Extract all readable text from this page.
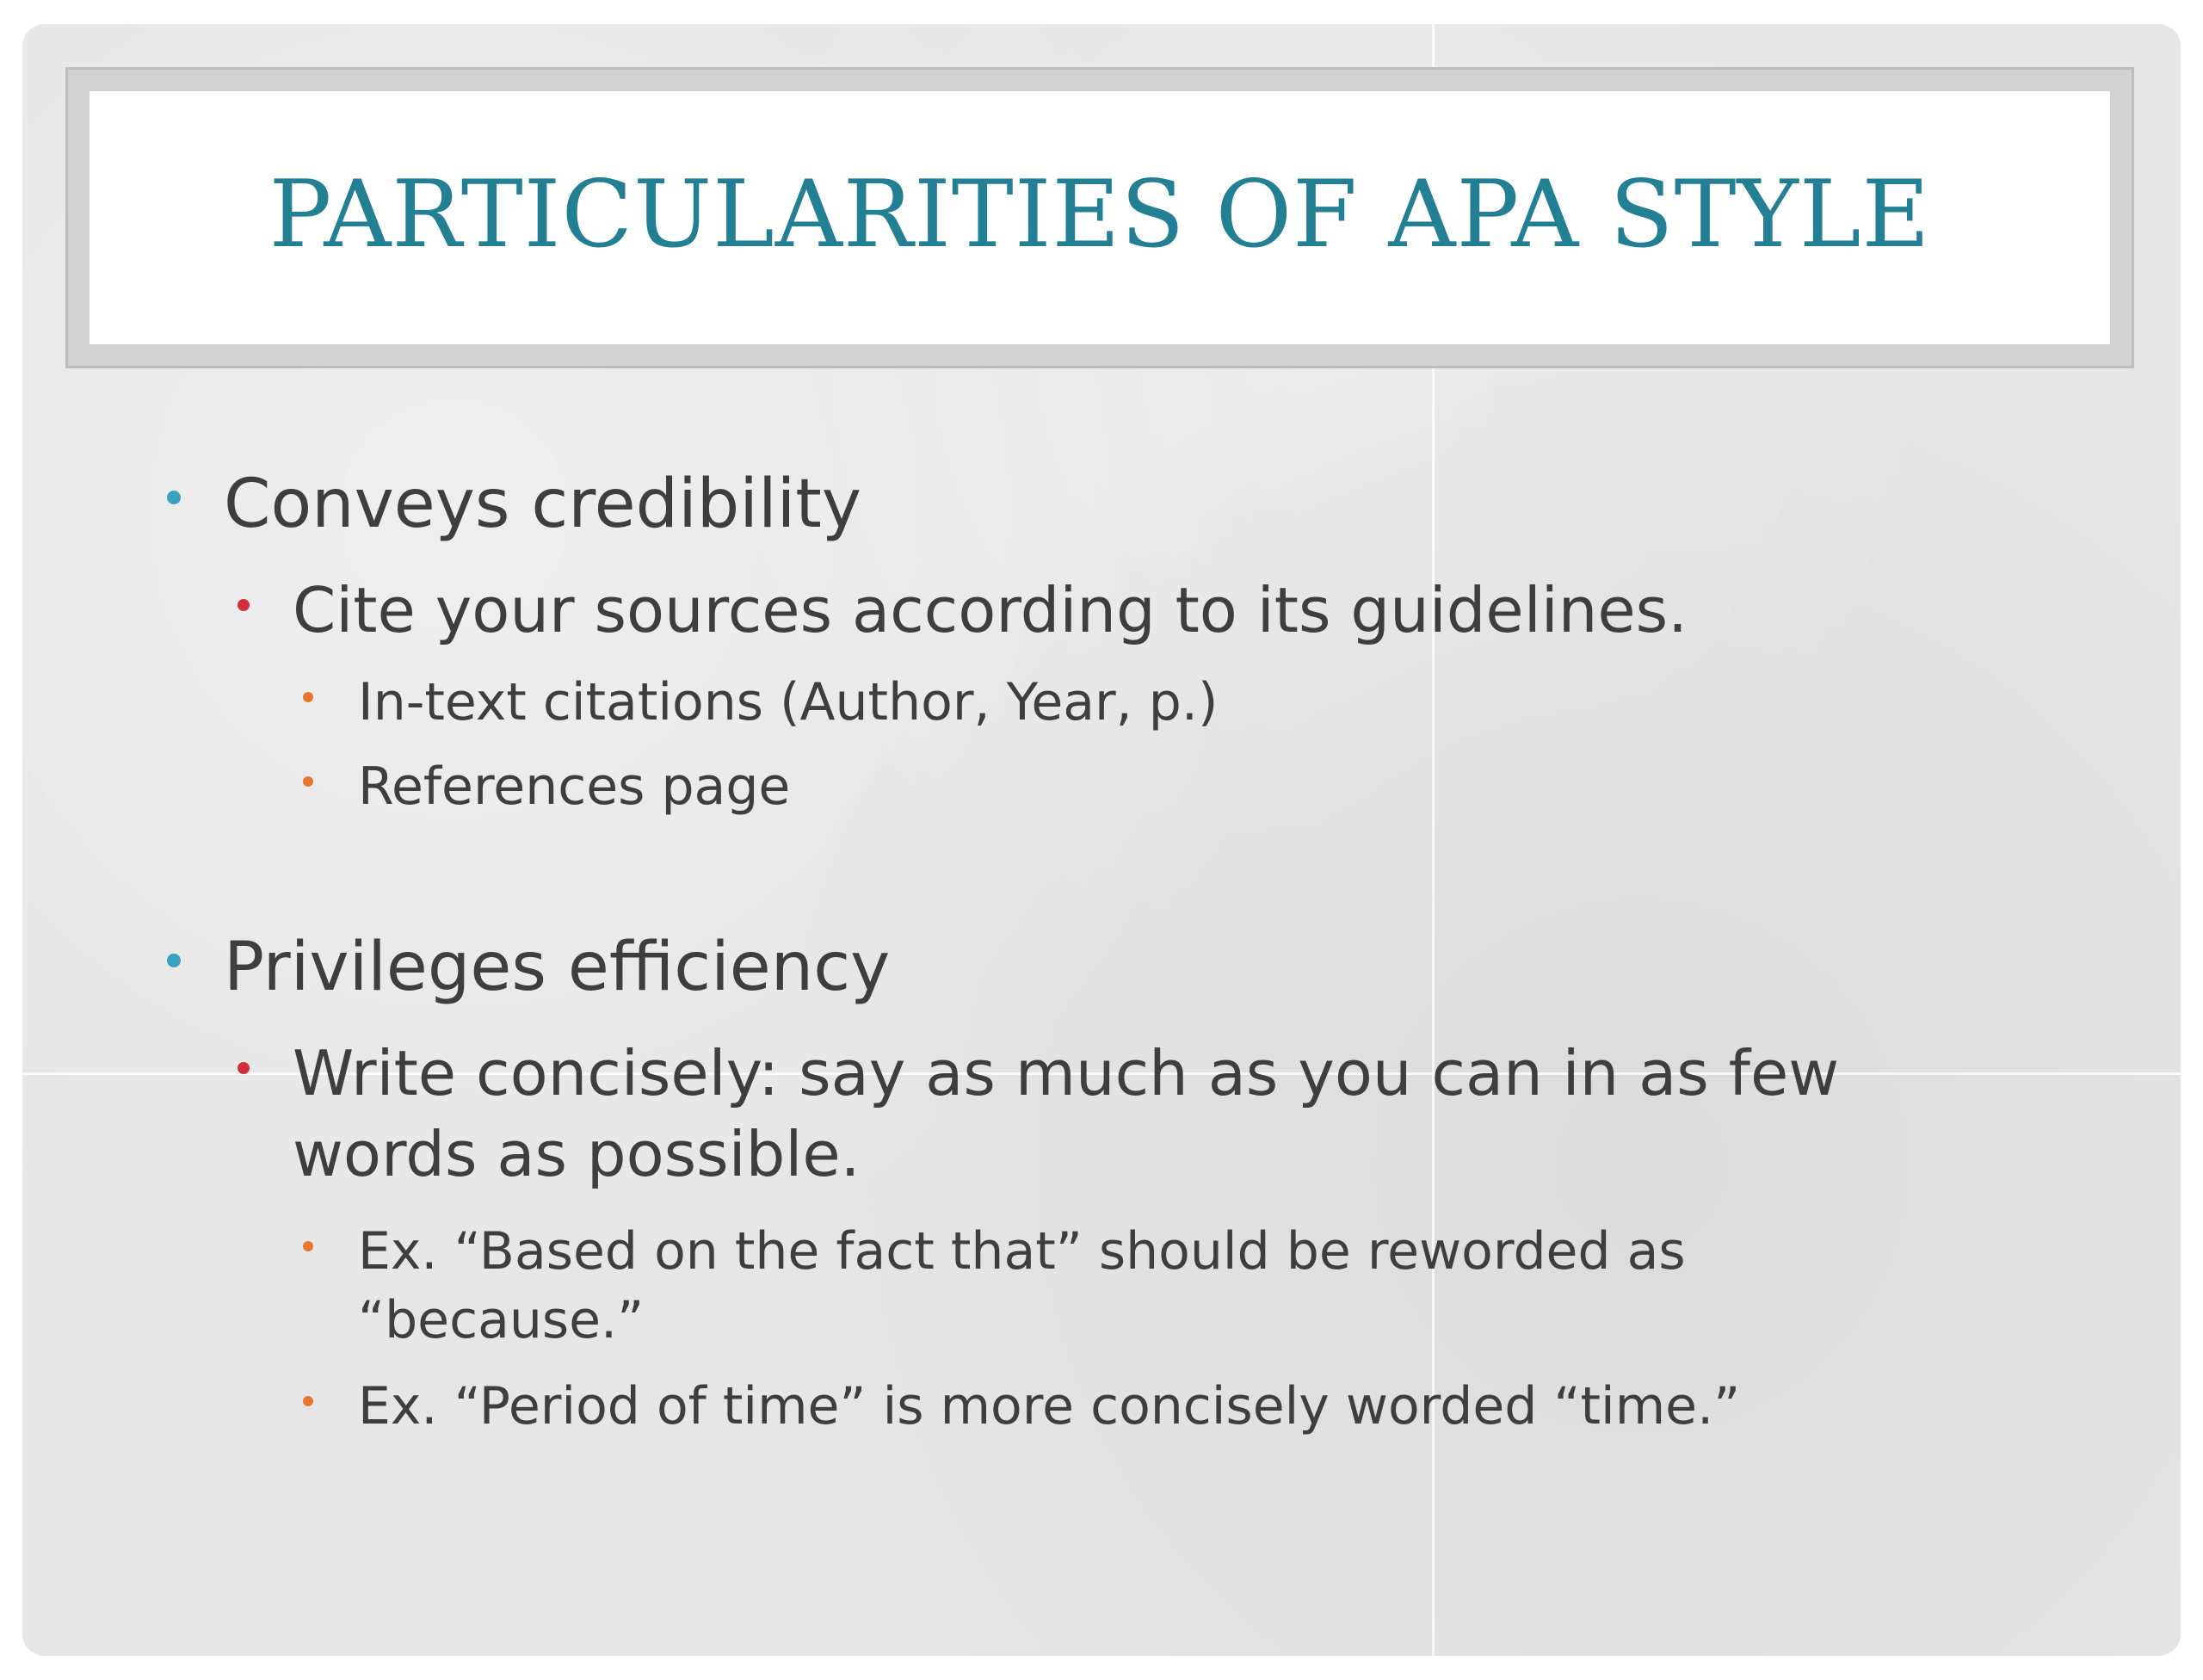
PARTICULARITIES OF APA STYLE
Conveys credibility
Cite your sources according to its guidelines.
In-text citations (Author, Year, p.)
References page
Privileges efficiency
Write concisely: say as much as you can in as few
words as possible.
Ex. “Based on the fact that” should be reworded as
“because.”
Ex. “Period of time” is more concisely worded “time.”
